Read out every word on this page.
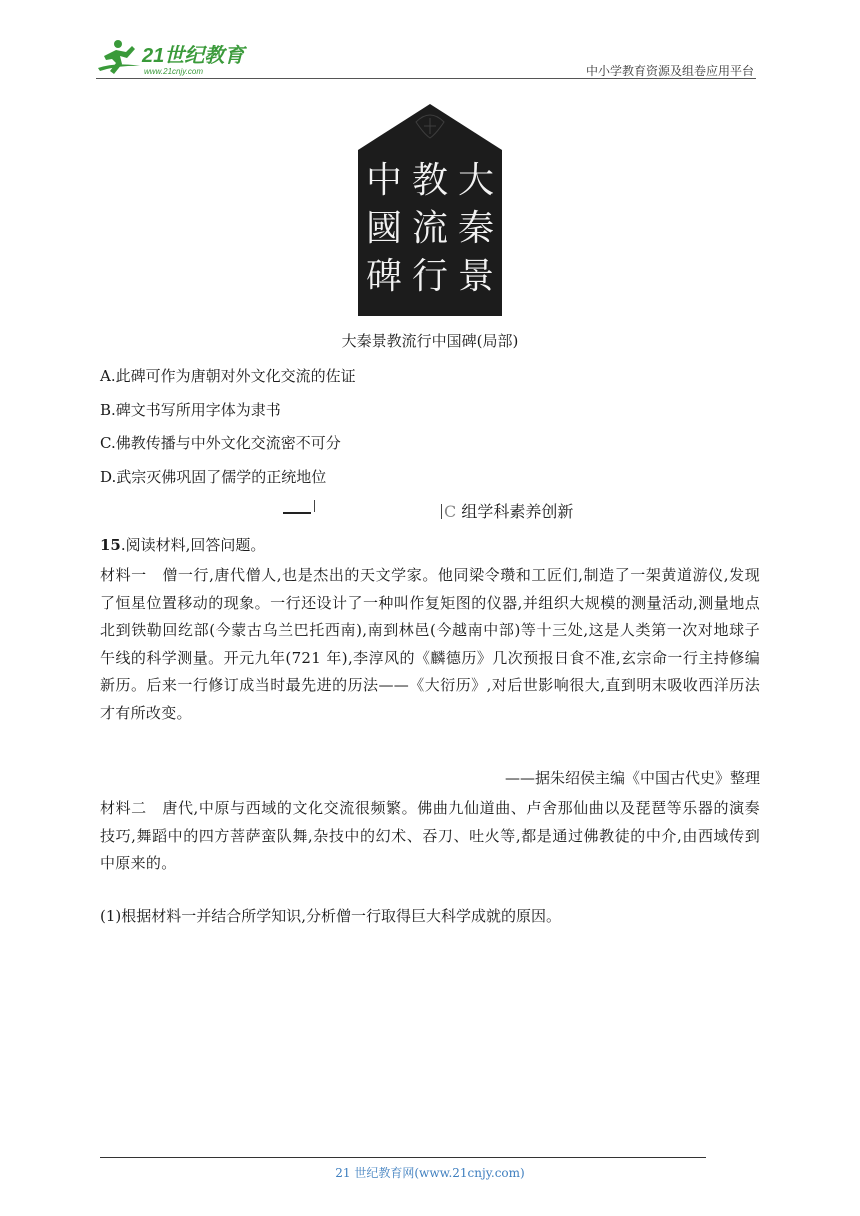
21世纪教育
www.21cnjy.com	中小学教育资源及组卷应用平台
大
秦
景
教
流
行
中
國
碑
大秦景教流行中国碑(局部)
A.此碑可作为唐朝对外文化交流的佐证
B.碑文书写所用字体为隶书
C.佛教传播与中外文化交流密不可分
D.武宗灭佛巩固了儒学的正统地位
C 组学科素养创新
15.阅读材料,回答问题。
材料一　僧一行,唐代僧人,也是杰出的天文学家。他同梁令瓒和工匠们,制造了一架黄道游仪,发现了恒星位置移动的现象。一行还设计了一种叫作复矩图的仪器,并组织大规模的测量活动,测量地点北到铁勒回纥部(今蒙古乌兰巴托西南),南到林邑(今越南中部)等十三处,这是人类第一次对地球子午线的科学测量。开元九年(721 年),李淳风的《麟德历》几次预报日食不准,玄宗命一行主持修编新历。后来一行修订成当时最先进的历法——《大衍历》,对后世影响很大,直到明末吸收西洋历法才有所改变。
——据朱绍侯主编《中国古代史》整理
材料二　唐代,中原与西域的文化交流很频繁。佛曲九仙道曲、卢舍那仙曲以及琵琶等乐器的演奏技巧,舞蹈中的四方菩萨蛮队舞,杂技中的幻术、吞刀、吐火等,都是通过佛教徒的中介,由西域传到中原来的。
(1)根据材料一并结合所学知识,分析僧一行取得巨大科学成就的原因。
21 世纪教育网(www.21cnjy.com)
